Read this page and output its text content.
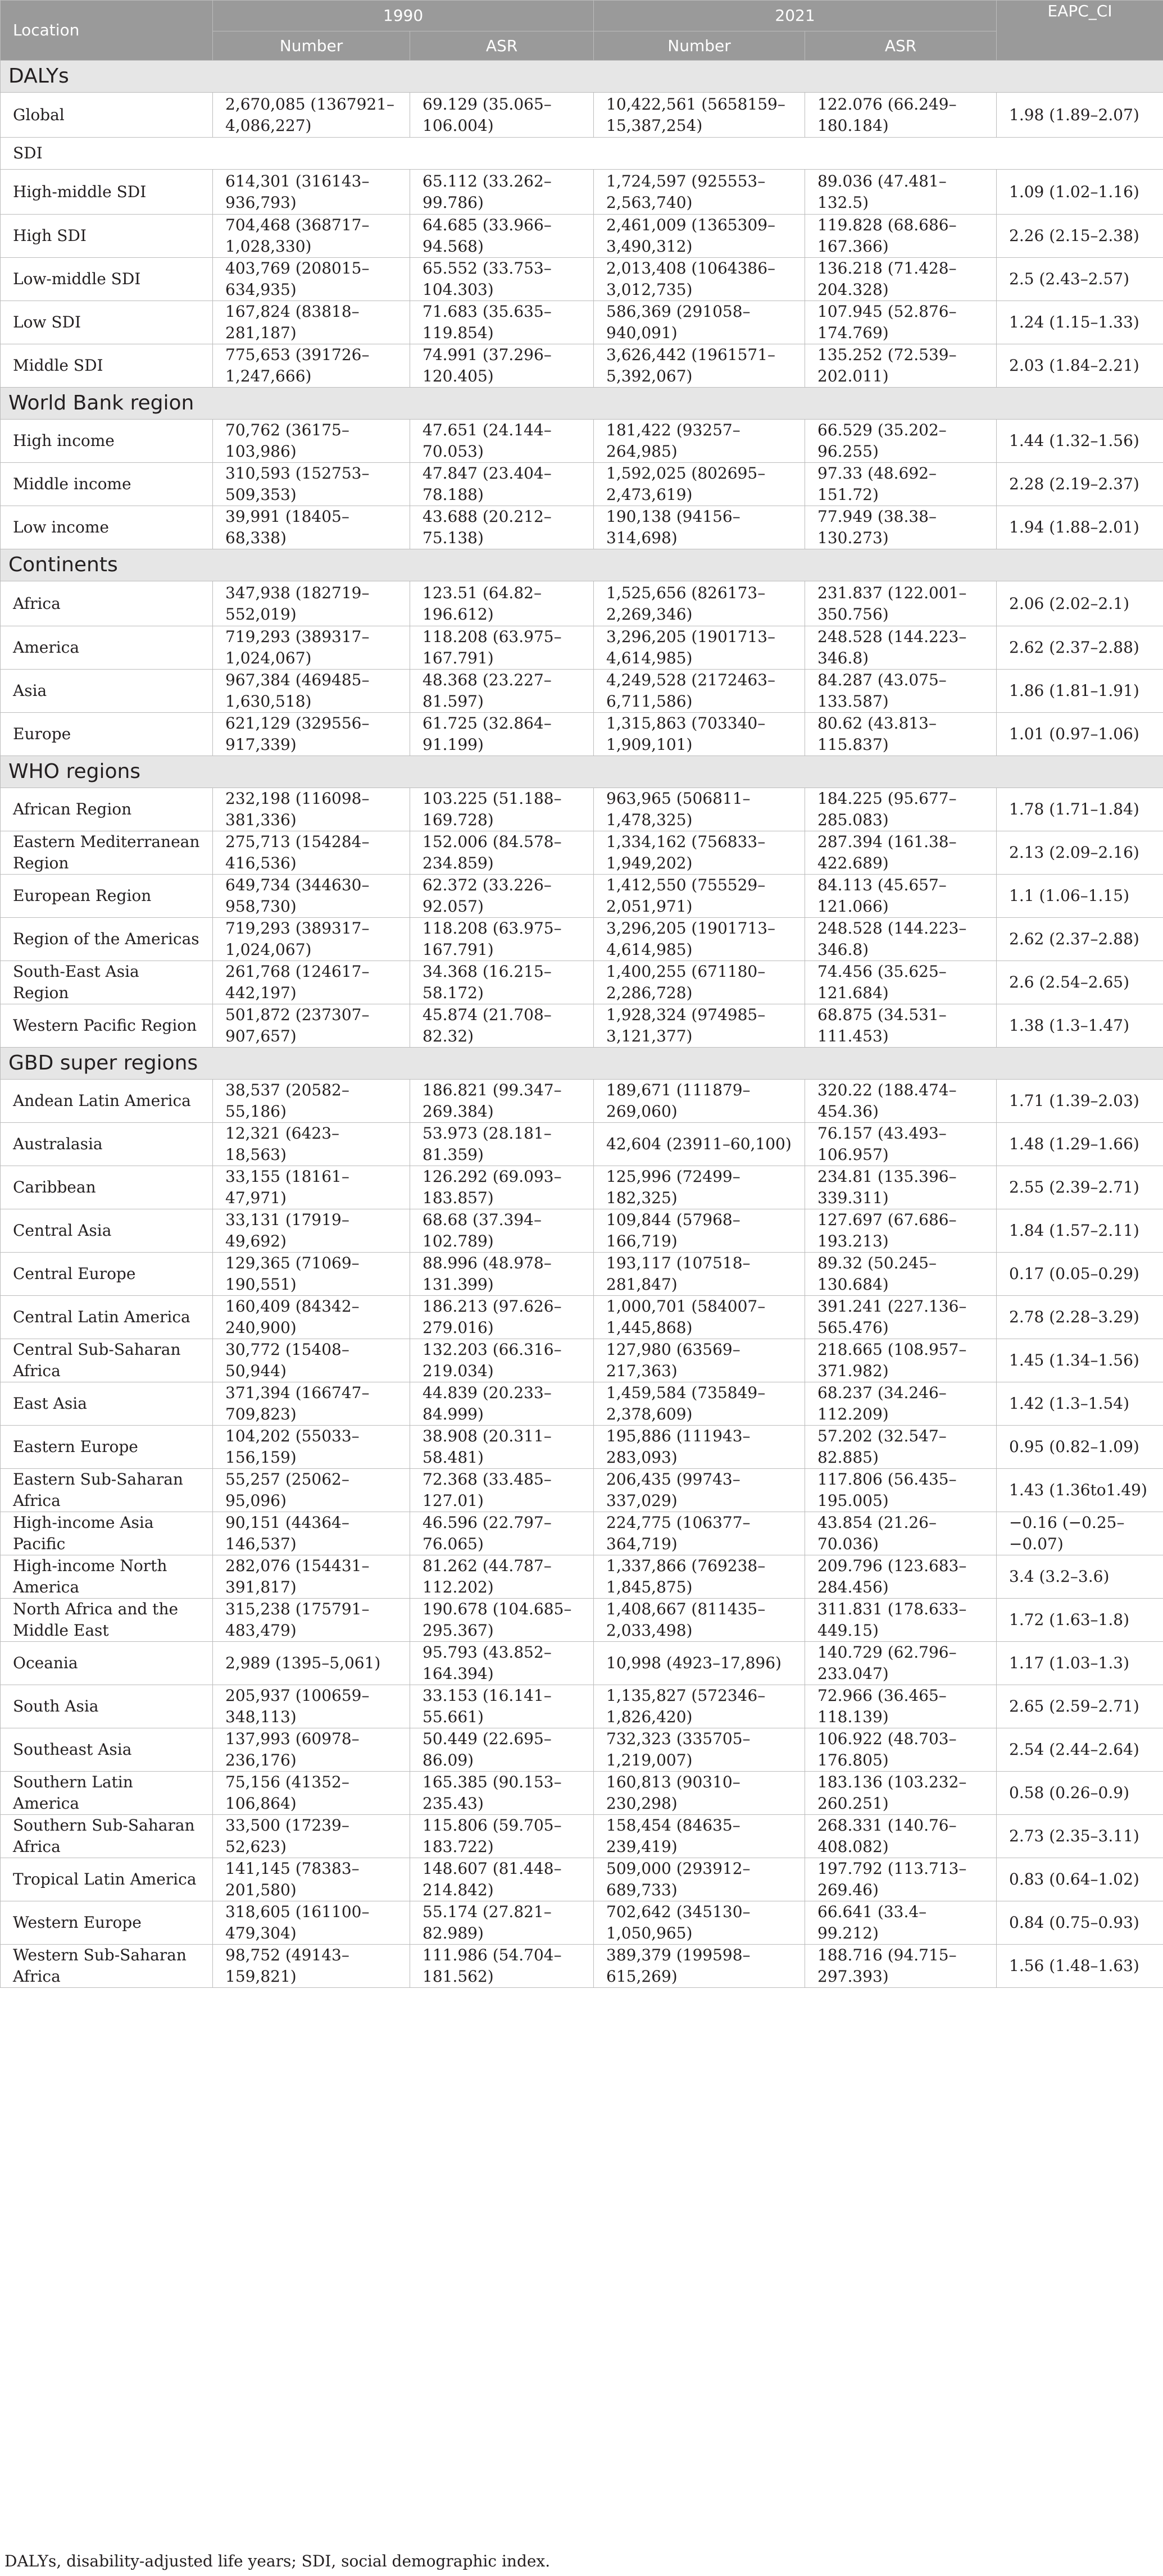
Location	1990		2021		EAPC_CI
	Number	ASR	Number	ASR	
DALYs					
Global	2,670,085 (1367921–4,086,227)	69.129 (35.065–106.004)	10,422,561 (5658159–15,387,254)	122.076 (66.249–180.184)	1.98 (1.89–2.07)
SDI					
High-middle SDI	614,301 (316143–936,793)	65.112 (33.262–99.786)	1,724,597 (925553–2,563,740)	89.036 (47.481–132.5)	1.09 (1.02–1.16)
High SDI	704,468 (368717–1,028,330)	64.685 (33.966–94.568)	2,461,009 (1365309–3,490,312)	119.828 (68.686–167.366)	2.26 (2.15–2.38)
Low-middle SDI	403,769 (208015–634,935)	65.552 (33.753–104.303)	2,013,408 (1064386–3,012,735)	136.218 (71.428–204.328)	2.5 (2.43–2.57)
Low SDI	167,824 (83818–281,187)	71.683 (35.635–119.854)	586,369 (291058–940,091)	107.945 (52.876–174.769)	1.24 (1.15–1.33)
Middle SDI	775,653 (391726–1,247,666)	74.991 (37.296–120.405)	3,626,442 (1961571–5,392,067)	135.252 (72.539–202.011)	2.03 (1.84–2.21)
World Bank region					
High income	70,762 (36175–103,986)	47.651 (24.144–70.053)	181,422 (93257–264,985)	66.529 (35.202–96.255)	1.44 (1.32–1.56)
Middle income	310,593 (152753–509,353)	47.847 (23.404–78.188)	1,592,025 (802695–2,473,619)	97.33 (48.692–151.72)	2.28 (2.19–2.37)
Low income	39,991 (18405–68,338)	43.688 (20.212–75.138)	190,138 (94156–314,698)	77.949 (38.38–130.273)	1.94 (1.88–2.01)
Continents					
Africa	347,938 (182719–552,019)	123.51 (64.82–196.612)	1,525,656 (826173–2,269,346)	231.837 (122.001–350.756)	2.06 (2.02–2.1)
America	719,293 (389317–1,024,067)	118.208 (63.975–167.791)	3,296,205 (1901713–4,614,985)	248.528 (144.223–346.8)	2.62 (2.37–2.88)
Asia	967,384 (469485–1,630,518)	48.368 (23.227–81.597)	4,249,528 (2172463–6,711,586)	84.287 (43.075–133.587)	1.86 (1.81–1.91)
Europe	621,129 (329556–917,339)	61.725 (32.864–91.199)	1,315,863 (703340–1,909,101)	80.62 (43.813–115.837)	1.01 (0.97–1.06)
WHO regions					
African Region	232,198 (116098–381,336)	103.225 (51.188–169.728)	963,965 (506811–1,478,325)	184.225 (95.677–285.083)	1.78 (1.71–1.84)
Eastern Mediterranean Region	275,713 (154284–416,536)	152.006 (84.578–234.859)	1,334,162 (756833–1,949,202)	287.394 (161.38–422.689)	2.13 (2.09–2.16)
European Region	649,734 (344630–958,730)	62.372 (33.226–92.057)	1,412,550 (755529–2,051,971)	84.113 (45.657–121.066)	1.1 (1.06–1.15)
Region of the Americas	719,293 (389317–1,024,067)	118.208 (63.975–167.791)	3,296,205 (1901713–4,614,985)	248.528 (144.223–346.8)	2.62 (2.37–2.88)
South-East Asia Region	261,768 (124617–442,197)	34.368 (16.215–58.172)	1,400,255 (671180–2,286,728)	74.456 (35.625–121.684)	2.6 (2.54–2.65)
Western Pacific Region	501,872 (237307–907,657)	45.874 (21.708–82.32)	1,928,324 (974985–3,121,377)	68.875 (34.531–111.453)	1.38 (1.3–1.47)
GBD super regions					
Andean Latin America	38,537 (20582–55,186)	186.821 (99.347–269.384)	189,671 (111879–269,060)	320.22 (188.474–454.36)	1.71 (1.39–2.03)
Australasia	12,321 (6423–18,563)	53.973 (28.181–81.359)	42,604 (23911–60,100)	76.157 (43.493–106.957)	1.48 (1.29–1.66)
Caribbean	33,155 (18161–47,971)	126.292 (69.093–183.857)	125,996 (72499–182,325)	234.81 (135.396–339.311)	2.55 (2.39–2.71)
Central Asia	33,131 (17919–49,692)	68.68 (37.394–102.789)	109,844 (57968–166,719)	127.697 (67.686–193.213)	1.84 (1.57–2.11)
Central Europe	129,365 (71069–190,551)	88.996 (48.978–131.399)	193,117 (107518–281,847)	89.32 (50.245–130.684)	0.17 (0.05–0.29)
Central Latin America	160,409 (84342–240,900)	186.213 (97.626–279.016)	1,000,701 (584007–1,445,868)	391.241 (227.136–565.476)	2.78 (2.28–3.29)
Central Sub-Saharan Africa	30,772 (15408–50,944)	132.203 (66.316–219.034)	127,980 (63569–217,363)	218.665 (108.957–371.982)	1.45 (1.34–1.56)
East Asia	371,394 (166747–709,823)	44.839 (20.233–84.999)	1,459,584 (735849–2,378,609)	68.237 (34.246–112.209)	1.42 (1.3–1.54)
Eastern Europe	104,202 (55033–156,159)	38.908 (20.311–58.481)	195,886 (111943–283,093)	57.202 (32.547–82.885)	0.95 (0.82–1.09)
Eastern Sub-Saharan Africa	55,257 (25062–95,096)	72.368 (33.485–127.01)	206,435 (99743–337,029)	117.806 (56.435–195.005)	1.43 (1.36to1.49)
High-income Asia Pacific	90,151 (44364–146,537)	46.596 (22.797–76.065)	224,775 (106377–364,719)	43.854 (21.26–70.036)	−0.16 (−0.25–−0.07)
High-income North America	282,076 (154431–391,817)	81.262 (44.787–112.202)	1,337,866 (769238–1,845,875)	209.796 (123.683–284.456)	3.4 (3.2–3.6)
North Africa and the Middle East	315,238 (175791–483,479)	190.678 (104.685–295.367)	1,408,667 (811435–2,033,498)	311.831 (178.633–449.15)	1.72 (1.63–1.8)
Oceania	2,989 (1395–5,061)	95.793 (43.852–164.394)	10,998 (4923–17,896)	140.729 (62.796–233.047)	1.17 (1.03–1.3)
South Asia	205,937 (100659–348,113)	33.153 (16.141–55.661)	1,135,827 (572346–1,826,420)	72.966 (36.465–118.139)	2.65 (2.59–2.71)
Southeast Asia	137,993 (60978–236,176)	50.449 (22.695–86.09)	732,323 (335705–1,219,007)	106.922 (48.703–176.805)	2.54 (2.44–2.64)
Southern Latin America	75,156 (41352–106,864)	165.385 (90.153–235.43)	160,813 (90310–230,298)	183.136 (103.232–260.251)	0.58 (0.26–0.9)
Southern Sub-Saharan Africa	33,500 (17239–52,623)	115.806 (59.705–183.722)	158,454 (84635–239,419)	268.331 (140.76–408.082)	2.73 (2.35–3.11)
Tropical Latin America	141,145 (78383–201,580)	148.607 (81.448–214.842)	509,000 (293912–689,733)	197.792 (113.713–269.46)	0.83 (0.64–1.02)
Western Europe	318,605 (161100–479,304)	55.174 (27.821–82.989)	702,642 (345130–1,050,965)	66.641 (33.4–99.212)	0.84 (0.75–0.93)
Western Sub-Saharan Africa	98,752 (49143–159,821)	111.986 (54.704–181.562)	389,379 (199598–615,269)	188.716 (94.715–297.393)	1.56 (1.48–1.63)
DALYs, disability-adjusted life years; SDI, social demographic index.
